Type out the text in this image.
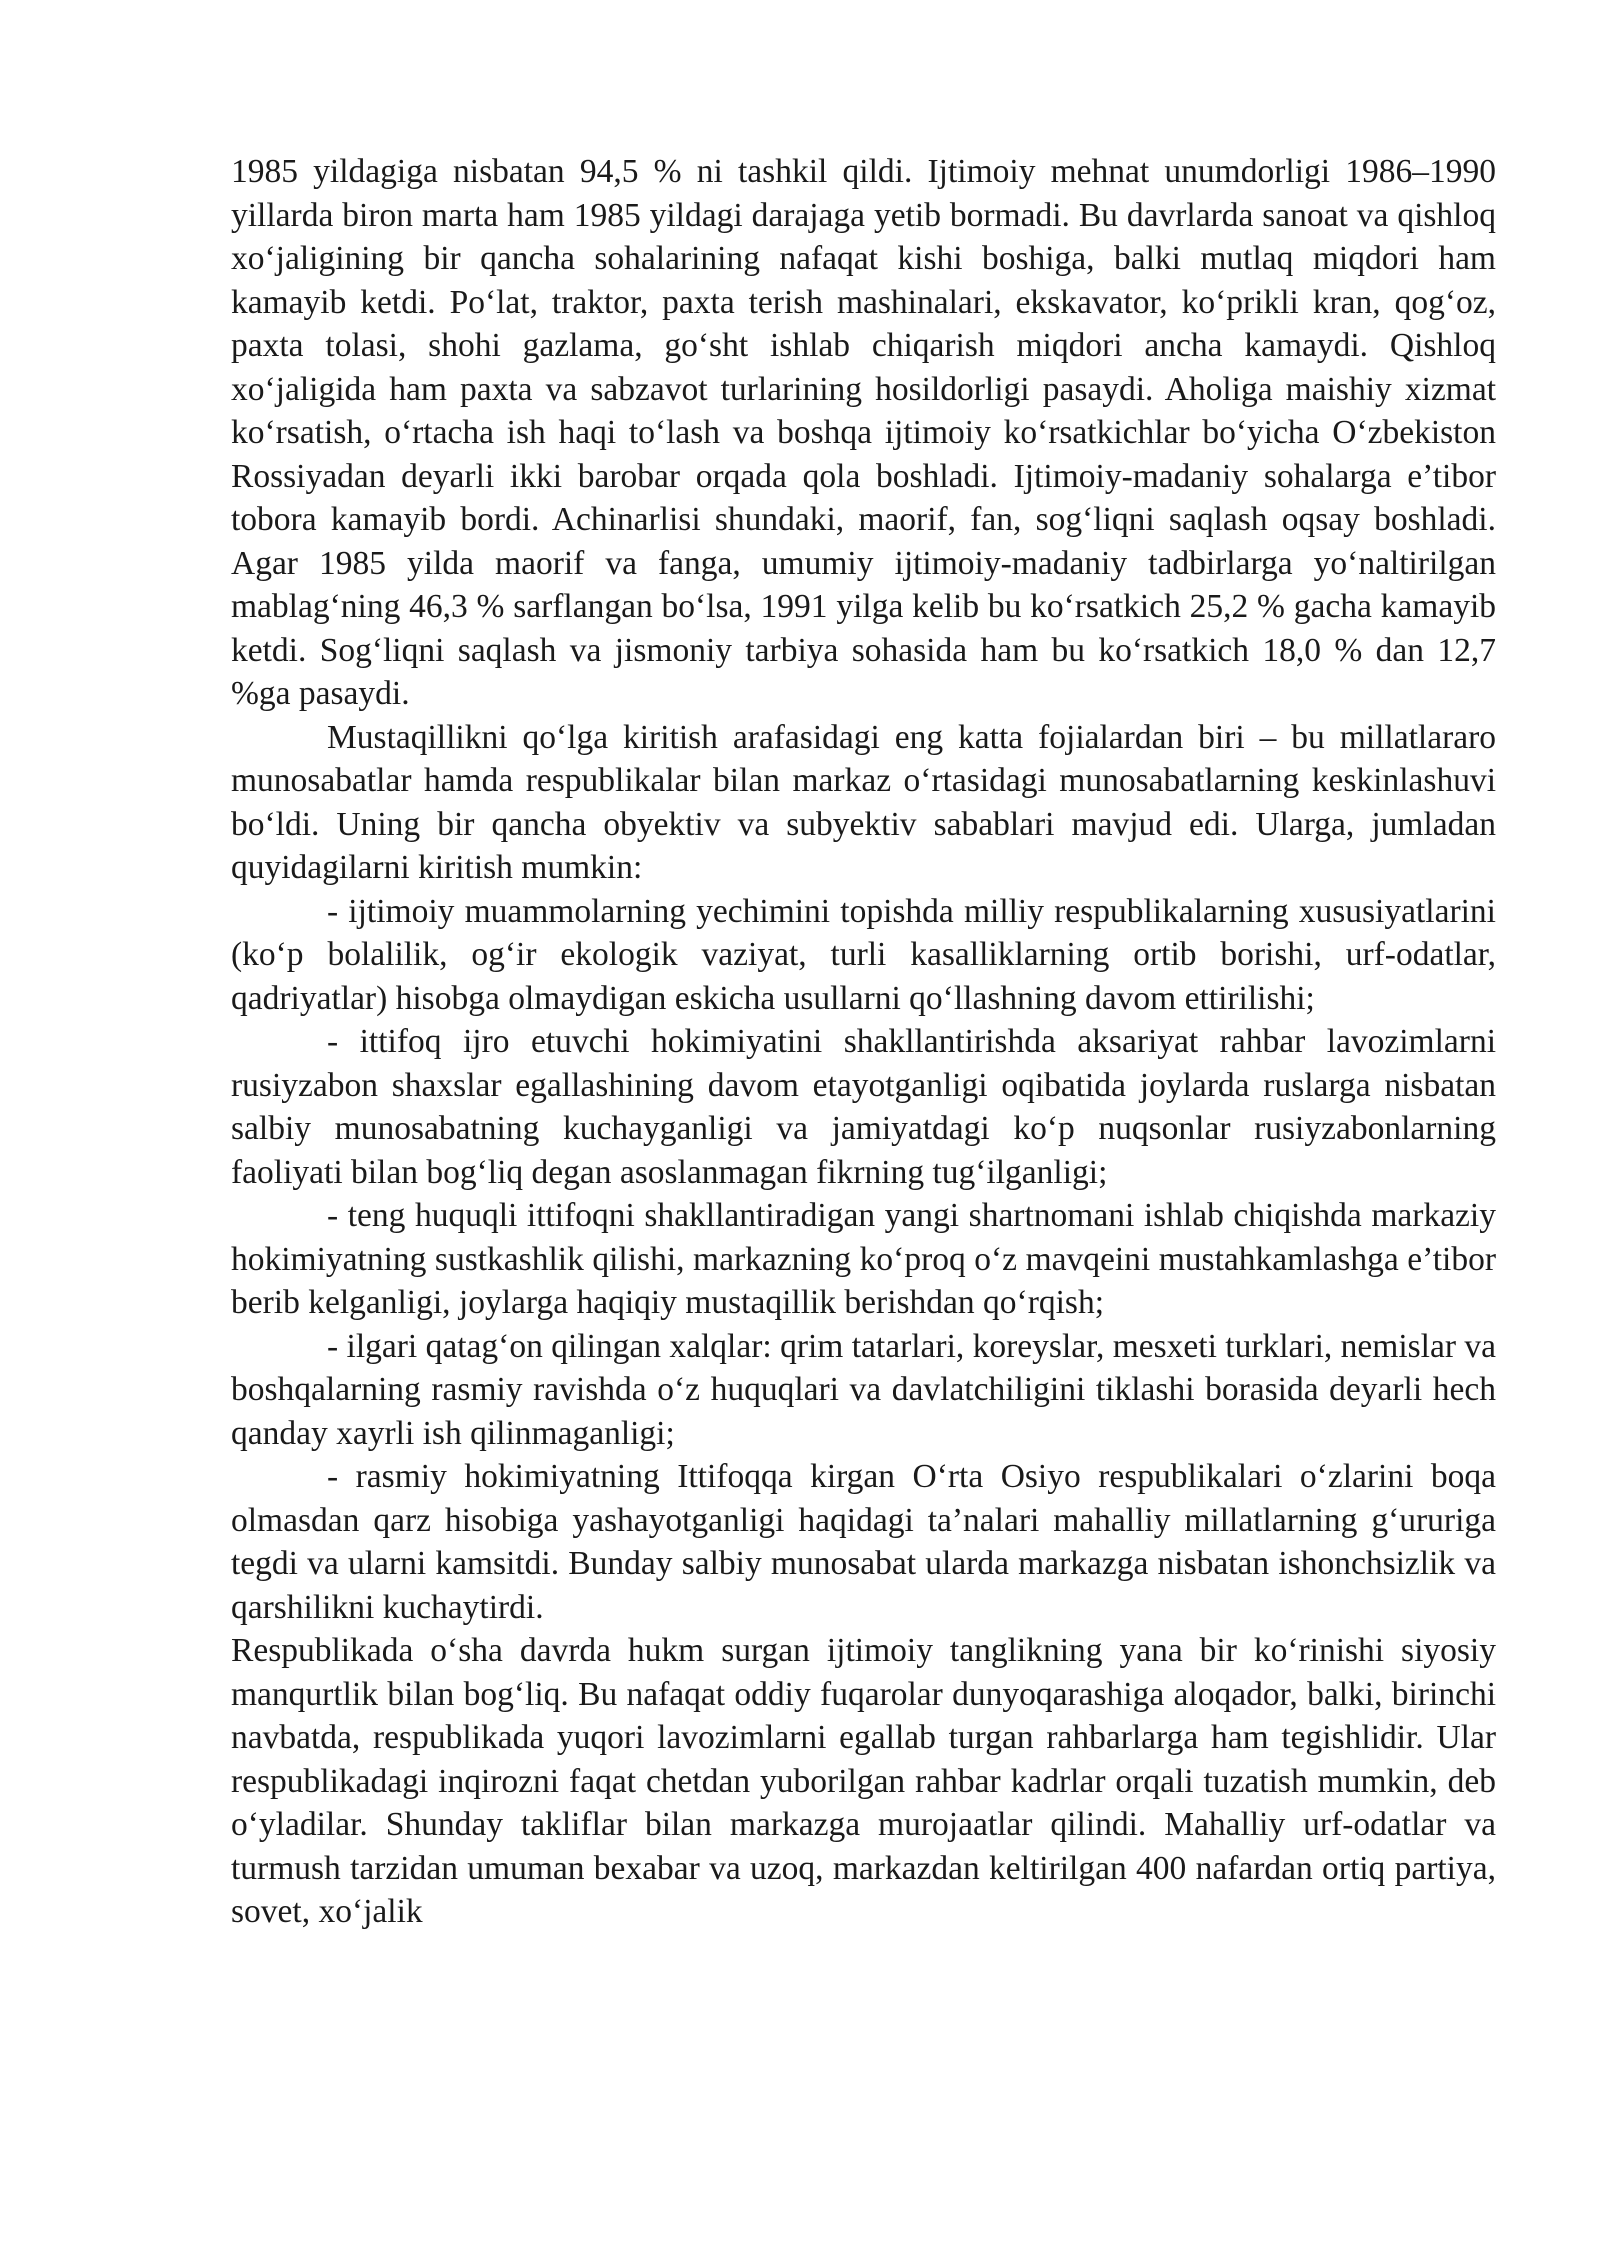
1985 yildagiga nisbatan 94,5 % ni tashkil qildi. Ijtimoiy mehnat unumdorligi 1986–1990 yillarda biron marta ham 1985 yildagi darajaga yetib bormadi. Bu davrlarda sanoat va qishloq xoʻjaligining bir qancha sohalarining nafaqat kishi boshiga, balki mutlaq miqdori ham kamayib ketdi. Poʻlat, traktor, paxta terish mashinalari, ekskavator, koʻprikli kran, qogʻoz, paxta tolasi, shohi gazlama, goʻsht ishlab chiqarish miqdori ancha kamaydi. Qishloq xoʻjaligida ham paxta va sabzavot turlarining hosildorligi pasaydi. Aholiga maishiy xizmat koʻrsatish, oʻrtacha ish haqi toʻlash va boshqa ijtimoiy koʻrsatkichlar boʻyicha Oʻzbekiston Rossiyadan deyarli ikki barobar orqada qola boshladi. Ijtimoiy-madaniy sohalarga e’tibor tobora kamayib bordi. Achinarlisi shundaki, maorif, fan, sogʻliqni saqlash oqsay boshladi. Agar 1985 yilda maorif va fanga, umumiy ijtimoiy-madaniy tadbirlarga yoʻnaltirilgan mablagʻning 46,3 % sarflangan boʻlsa, 1991 yilga kelib bu koʻrsatkich 25,2 % gacha kamayib ketdi. Sogʻliqni saqlash va jismoniy tarbiya sohasida ham bu koʻrsatkich 18,0 % dan 12,7 %ga pasaydi.

Mustaqillikni qoʻlga kiritish arafasidagi eng katta fojialardan biri – bu millatlararo munosabatlar hamda respublikalar bilan markaz oʻrtasidagi munosabatlarning keskinlashuvi boʻldi. Uning bir qancha obyektiv va subyektiv sabablari mavjud edi. Ularga, jumladan quyidagilarni kiritish mumkin:

- ijtimoiy muammolarning yechimini topishda milliy respublikalarning xususiyatlarini (koʻp bolalilik, ogʻir ekologik vaziyat, turli kasalliklarning ortib borishi, urf-odatlar, qadriyatlar) hisobga olmaydigan eskicha usullarni qoʻllashning davom ettirilishi;

- ittifoq ijro etuvchi hokimiyatini shakllantirishda aksariyat rahbar lavozimlarni rusiyzabon shaxslar egallashining davom etayotganligi oqibatida joylarda ruslarga nisbatan salbiy munosabatning kuchayganligi va jamiyatdagi koʻp nuqsonlar rusiyzabonlarning faoliyati bilan bogʻliq degan asoslanmagan fikrning tugʻilganligi;

- teng huquqli ittifoqni shakllantiradigan yangi shartnomani ishlab chiqishda markaziy hokimiyatning sustkashlik qilishi, markazning koʻproq oʻz mavqeini mustahkamlashga e’tibor berib kelganligi, joylarga haqiqiy mustaqillik berishdan qoʻrqish;

- ilgari qatagʻon qilingan xalqlar: qrim tatarlari, koreyslar, mesxeti turklari, nemislar va boshqalarning rasmiy ravishda oʻz huquqlari va davlatchiligini tiklashi borasida deyarli hech qanday xayrli ish qilinmaganligi;

- rasmiy hokimiyatning Ittifoqqa kirgan Oʻrta Osiyo respublikalari oʻzlarini boqa olmasdan qarz hisobiga yashayotganligi haqidagi ta’nalari mahalliy millatlarning gʻururiga tegdi va ularni kamsitdi. Bunday salbiy munosabat ularda markazga nisbatan ishonchsizlik va qarshilikni kuchaytirdi.

Respublikada oʻsha davrda hukm surgan ijtimoiy tanglikning yana bir koʻrinishi siyosiy manqurtlik bilan bogʻliq. Bu nafaqat oddiy fuqarolar dunyoqarashiga aloqador, balki, birinchi navbatda, respublikada yuqori lavozimlarni egallab turgan rahbarlarga ham tegishlidir. Ular respublikadagi inqirozni faqat chetdan yuborilgan rahbar kadrlar orqali tuzatish mumkin, deb oʻyladilar. Shunday takliflar bilan markazga murojaatlar qilindi. Mahalliy urf-odatlar va turmush tarzidan umuman bexabar va uzoq, markazdan keltirilgan 400 nafardan ortiq partiya, sovet, xoʻjalik
